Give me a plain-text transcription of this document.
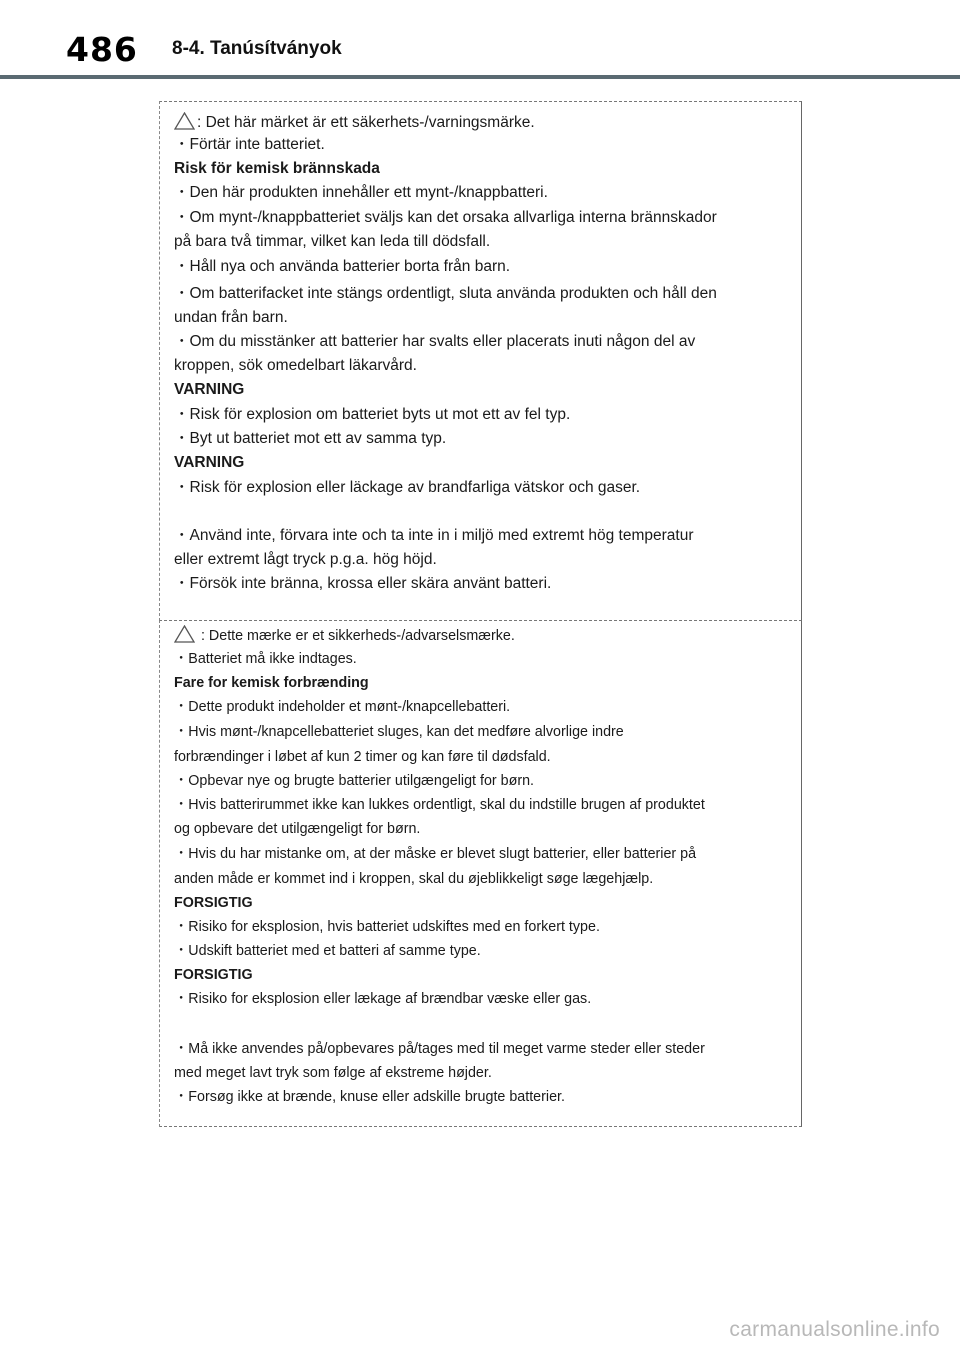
486 8-4. Tanúsítványok
: Det här märket är ett säkerhets-/varningsmärke.
・Förtär inte batteriet.
Risk för kemisk brännskada
・Den här produkten innehåller ett mynt-/knappbatteri.
・Om mynt-/knappbatteriet sväljs kan det orsaka allvarliga interna brännskador
på bara två timmar, vilket kan leda till dödsfall.
・Håll nya och använda batterier borta från barn.
・Om batterifacket inte stängs ordentligt, sluta använda produkten och håll den
undan från barn.
・Om du misstänker att batterier har svalts eller placerats inuti någon del av
kroppen, sök omedelbart läkarvård.
VARNING
・Risk för explosion om batteriet byts ut mot ett av fel typ.
・Byt ut batteriet mot ett av samma typ.
VARNING
・Risk för explosion eller läckage av brandfarliga vätskor och gaser.
・Använd inte, förvara inte och ta inte in i miljö med extremt hög temperatur
eller extremt lågt tryck p.g.a. hög höjd.
・Försök inte bränna, krossa eller skära använt batteri.
: Dette mærke er et sikkerheds-/advarselsmærke.
・Batteriet må ikke indtages.
Fare for kemisk forbrænding
・Dette produkt indeholder et mønt-/knapcellebatteri.
・Hvis mønt-/knapcellebatteriet sluges, kan det medføre alvorlige indre
forbrændinger i løbet af kun 2 timer og kan føre til dødsfald.
・Opbevar nye og brugte batterier utilgængeligt for børn.
・Hvis batterirummet ikke kan lukkes ordentligt, skal du indstille brugen af produktet
og opbevare det utilgængeligt for børn.
・Hvis du har mistanke om, at der måske er blevet slugt batterier, eller batterier på
anden måde er kommet ind i kroppen, skal du øjeblikkeligt søge lægehjælp.
FORSIGTIG
・Risiko for eksplosion, hvis batteriet udskiftes med en forkert type.
・Udskift batteriet med et batteri af samme type.
FORSIGTIG
・Risiko for eksplosion eller lækage af brændbar væske eller gas.
・Må ikke anvendes på/opbevares på/tages med til meget varme steder eller steder
med meget lavt tryk som følge af ekstreme højder.
・Forsøg ikke at brænde, knuse eller adskille brugte batterier.
carmanualsonline.info
